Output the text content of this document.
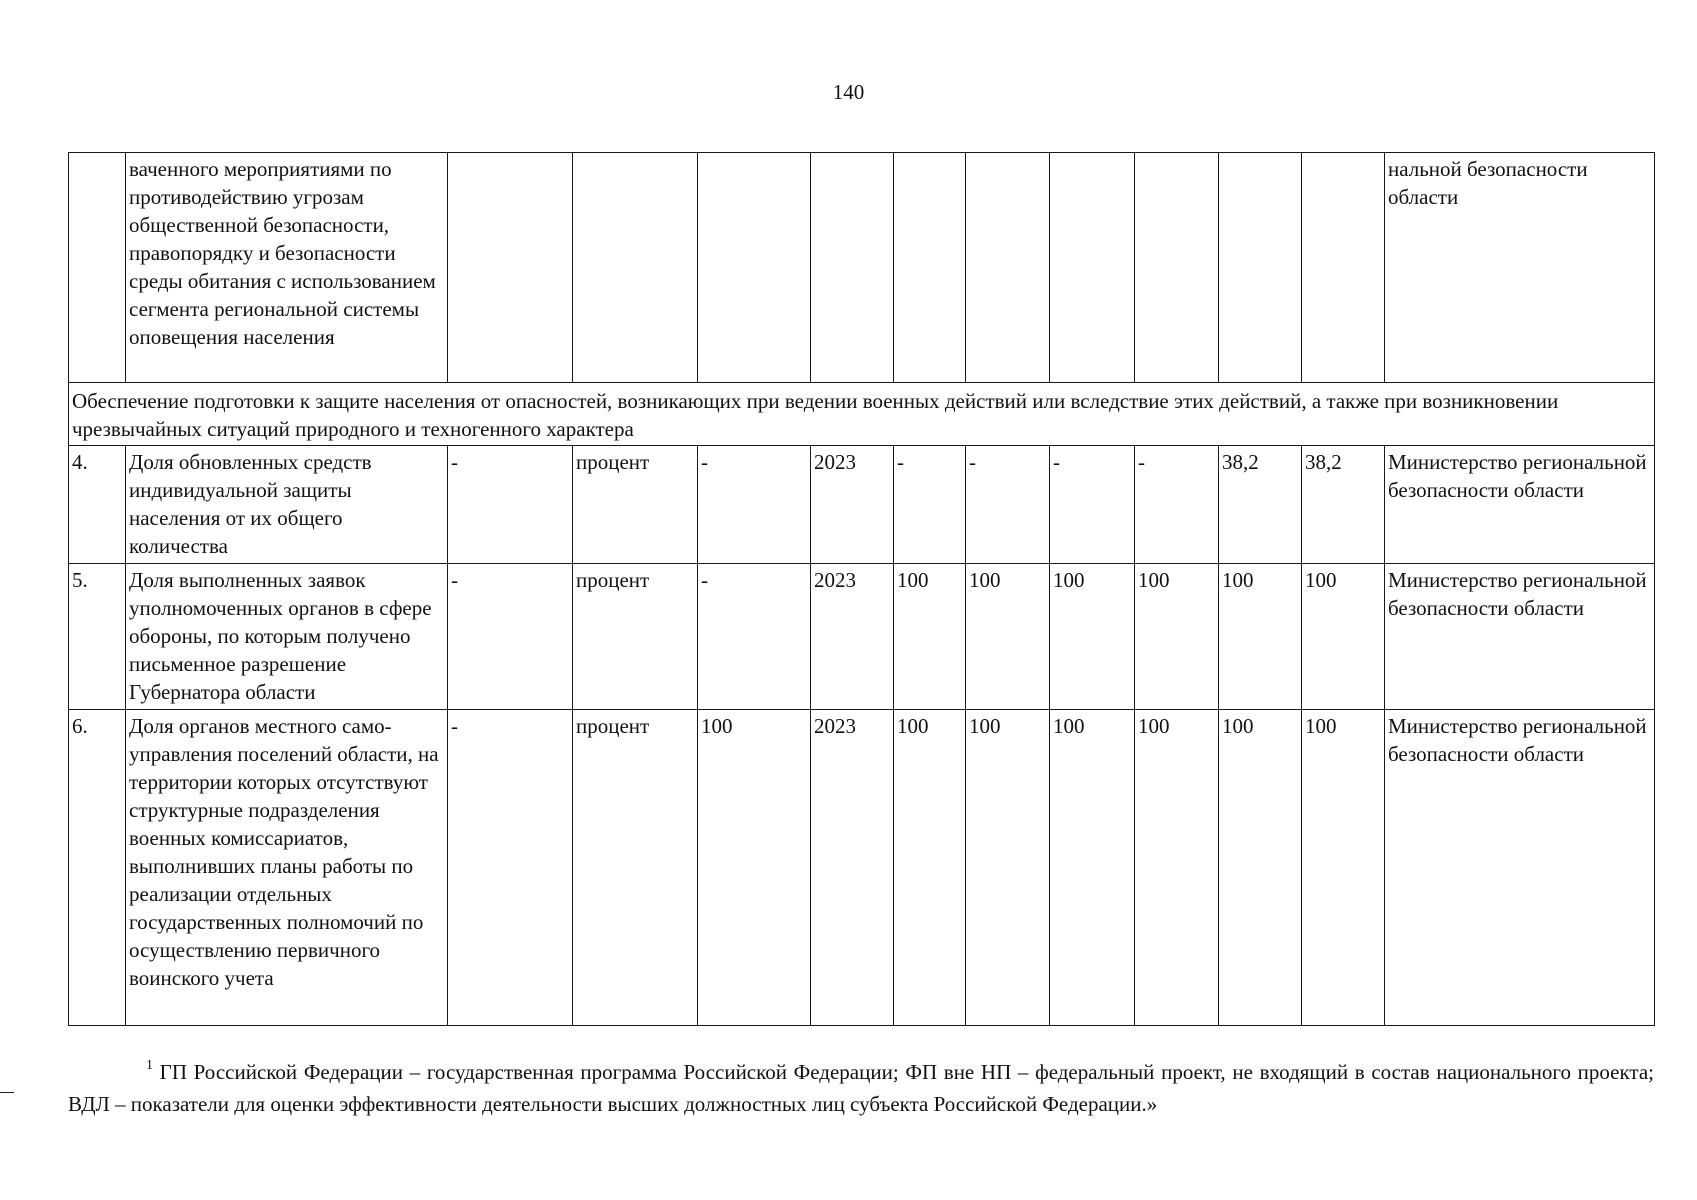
140
	ваченного мероприятиями по противодействию угрозам общественной безопасности, правопорядку и безопасности среды обитания с использованием сегмента региональной системы оповещения населения											нальной безопасности области
Обеспечение подготовки к защите населения от опасностей, возникающих при ведении военных действий или вследствие этих действий, а также при возникновении чрезвычайных ситуаций природного и техногенного характера												
4.	Доля обновленных средств индивидуальной защиты населения от их общего количества	-	процент	-	2023	-	-	-	-	38,2	38,2	Министерство региональной безопасности области
5.	Доля выполненных заявок уполномоченных органов в сфере обороны, по которым получено письменное разрешение Губернатора области	-	процент	-	2023	100	100	100	100	100	100	Министерство региональной безопасности области
6.	Доля органов местного самоуправления поселений области, на территории которых отсутствуют структурные подразделения военных комиссариатов, выполнивших планы работы по реализации отдельных государственных полномочий по осуществлению первичного воинского учета	-	процент	100	2023	100	100	100	100	100	100	Министерство региональной безопасности области
$^1$ ГП Российской Федерации – государственная программа Российской Федерации; ФП вне НП – федеральный проект, не входящий в состав национального проекта; ВДЛ – показатели для оценки эффективности деятельности высших должностных лиц субъекта Российской Федерации.»
